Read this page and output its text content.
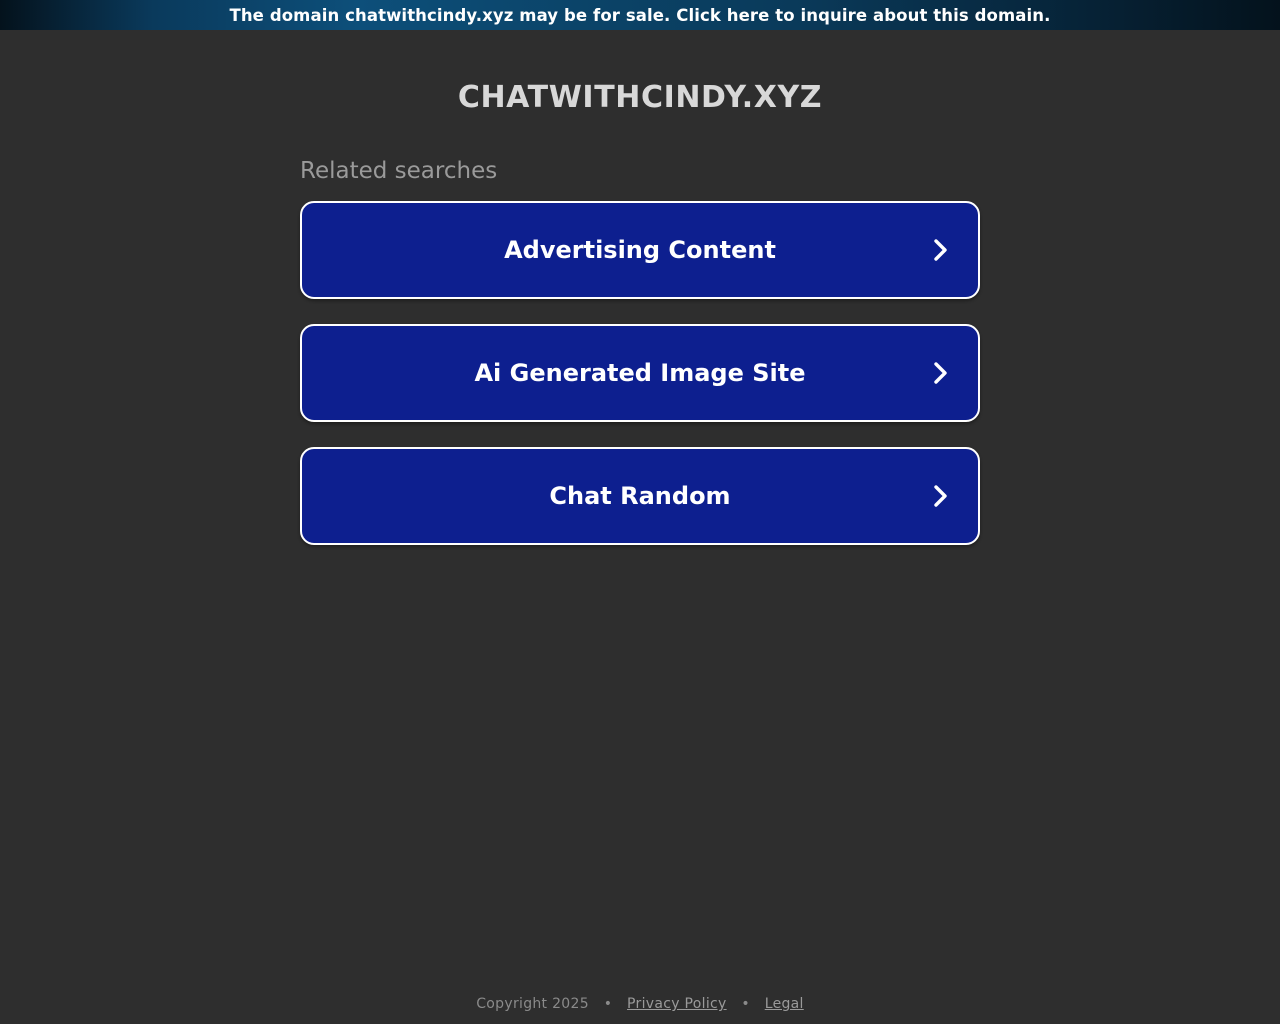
The domain chatwithcindy.xyz may be for sale. Click here to inquire about this domain.
CHATWITHCINDY.XYZ
Related searches
Advertising Content
Ai Generated Image Site
Chat Random
Copyright 2025 • Privacy Policy • Legal
